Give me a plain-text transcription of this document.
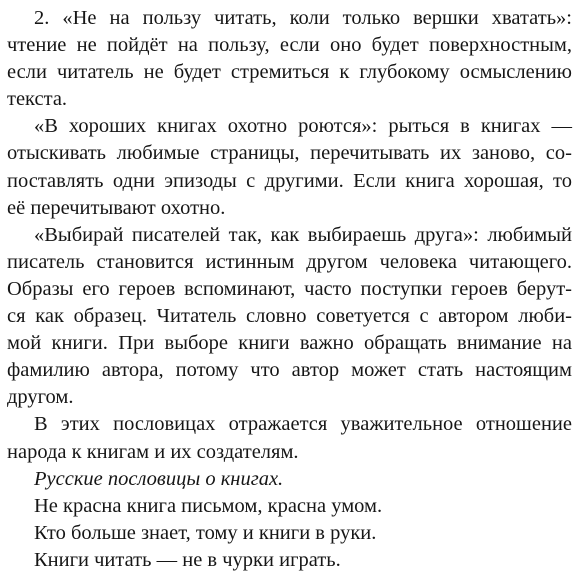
2. «Не на пользу читать, коли только вершки хватать»:
чтение не пойдёт на пользу, если оно будет поверхностным,
если читатель не будет стремиться к глубокому осмыслению
текста.
«В хороших книгах охотно роются»: рыться в книгах —
отыскивать любимые страницы, перечитывать их заново, со-
поставлять одни эпизоды с другими. Если книга хорошая, то
её перечитывают охотно.
«Выбирай писателей так, как выбираешь друга»: любимый
писатель становится истинным другом человека читающего.
Образы его героев вспоминают, часто поступки героев берут-
ся как образец. Читатель словно советуется с автором люби-
мой книги. При выборе книги важно обращать внимание на
фамилию автора, потому что автор может стать настоящим
другом.
В этих пословицах отражается уважительное отношение
народа к книгам и их создателям.
Русские пословицы о книгах.
Не красна книга письмом, красна умом.
Кто больше знает, тому и книги в руки.
Книги читать — не в чурки играть.
